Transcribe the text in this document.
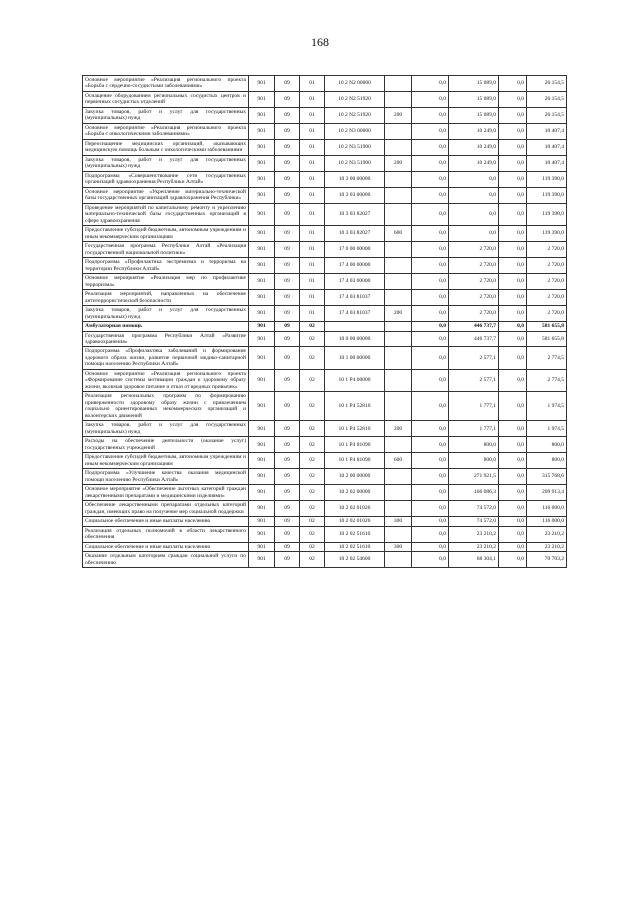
168
Основное мероприятие «Реализация регионального проекта «Борьба с сердечно-сосудистыми заболеваниями»	901	09	01	10 2 N2 00000		0,0	15 089,0	0,0	26 154,5
Оснащение оборудованием региональных сосудистых центров и первичных сосудистых отделений	901	09	01	10 2 N2 51920		0,0	15 089,0	0,0	26 154,5
Закупка товаров, работ и услуг для государственных (муниципальных) нужд	901	09	01	10 2 N2 51920	200	0,0	15 089,0	0,0	26 154,5
Основное мероприятие «Реализация регионального проекта «Борьба с онкологическими заболеваниями»	901	09	01	10 2 N3 00000		0,0	10 249,0	0,0	10 407,4
Переоснащение медицинских организаций, оказывающих медицинскую помощь больным с онкологическими заболеваниями	901	09	01	10 2 N3 51900		0,0	10 249,0	0,0	10 407,4
Закупка товаров, работ и услуг для государственных (муниципальных) нужд	901	09	01	10 2 N3 51900	200	0,0	10 249,0	0,0	10 407,4
Подпрограмма «Совершенствование сети государственных организаций здравоохранения Республики Алтай»	901	09	01	10 3 00 00000		0,0	0,0	0,0	119 390,0
Основное мероприятие «Укрепление материально-технической базы государственных организаций здравоохранения Республики»	901	09	01	10 3 03 00000		0,0	0,0	0,0	119 390,0
Проведение мероприятий по капитальному ремонту и укреплению материально-технической базы государственных организаций в сфере здравоохранения	901	09	01	10 3 03 82027		0,0	0,0	0,0	119 390,0
Предоставление субсидий бюджетным, автономным учреждениям и иным некоммерческим организациям	901	09	01	10 3 03 82027	600	0,0	0,0	0,0	119 390,0
Государственная программа Республики Алтай «Реализация государственной национальной политики»	901	09	01	17 0 00 00000		0,0	2 720,0	0,0	2 720,0
Подпрограмма «Профилактика экстремизма и терроризма на территории Республики Алтай»	901	09	01	17 4 00 00000		0,0	2 720,0	0,0	2 720,0
Основное мероприятие «Реализация мер по профилактике терроризма»	901	09	01	17 4 03 00000		0,0	2 720,0	0,0	2 720,0
Реализация мероприятий, направленных на обеспечение антитеррористической безопасности	901	09	01	17 4 03 81037		0,0	2 720,0	0,0	2 720,0
Закупка товаров, работ и услуг для государственных (муниципальных) нужд	901	09	01	17 4 03 81037	200	0,0	2 720,0	0,0	2 720,0
Амбулаторная помощь	901	09	02			0,0	446 737,7	0,0	581 655,8
Государственная программа Республики Алтай «Развитие здравоохранения»	901	09	02	10 0 00 00000		0,0	446 737,7	0,0	581 655,8
Подпрограмма «Профилактика заболеваний и формирование здорового образа жизни, развитие первичной медико-санитарной помощи населению Республики Алтай»	901	09	02	10 1 00 00000		0,0	2 577,1	0,0	2 774,5
Основное мероприятие «Реализация регионального проекта «Формирование системы мотивации граждан к здоровому образу жизни, включая здоровое питание и отказ от вредных привычек»	901	09	02	10 1 P4 00000		0,0	2 577,1	0,0	2 774,5
Реализация региональных программ по формированию приверженности здоровому образу жизни с привлечением социально ориентированных некоммерческих организаций и волонтерских движений	901	09	02	10 1 P4 52810		0,0	1 777,1	0,0	1 974,5
Закупка товаров, работ и услуг для государственных (муниципальных) нужд	901	09	02	10 1 P4 52810	200	0,0	1 777,1	0,0	1 974,5
Расходы на обеспечение деятельности (оказание услуг) государственных учреждений	901	09	02	10 1 P4 81090		0,0	800,0	0,0	800,0
Предоставление субсидий бюджетным, автономным учреждениям и иным некоммерческим организациям	901	09	02	10 1 P4 81090	600	0,0	800,0	0,0	800,0
Подпрограмма «Улучшение качества оказания медицинской помощи населению Республики Алтай»	901	09	02	10 2 00 00000		0,0	271 921,5	0,0	315 768,6
Основное мероприятие «Обеспечение льготных категорий граждан лекарственными препаратами и медицинскими изделиями»	901	09	02	10 2 02 00000		0,0	166 086,3	0,0	209 913,4
Обеспечение лекарственными препаратами отдельных категорий граждан, имеющих право на получение мер социальной поддержки	901	09	02	10 2 02 01026		0,0	74 572,0	0,0	116 000,0
Социальное обеспечение и иные выплаты населению	901	09	02	10 2 02 01026	300	0,0	74 572,0	0,0	116 000,0
Реализация отдельных полномочий в области лекарственного обеспечения	901	09	02	10 2 02 51610		0,0	23 210,2	0,0	23 210,2
Социальное обеспечение и иные выплаты населению	901	09	02	10 2 02 51610	300	0,0	23 210,2	0,0	23 210,2
Оказание отдельным категориям граждан социальной услуги по обеспечению	901	09	02	10 2 02 54600		0,0	68 304,1	0,0	70 703,2
